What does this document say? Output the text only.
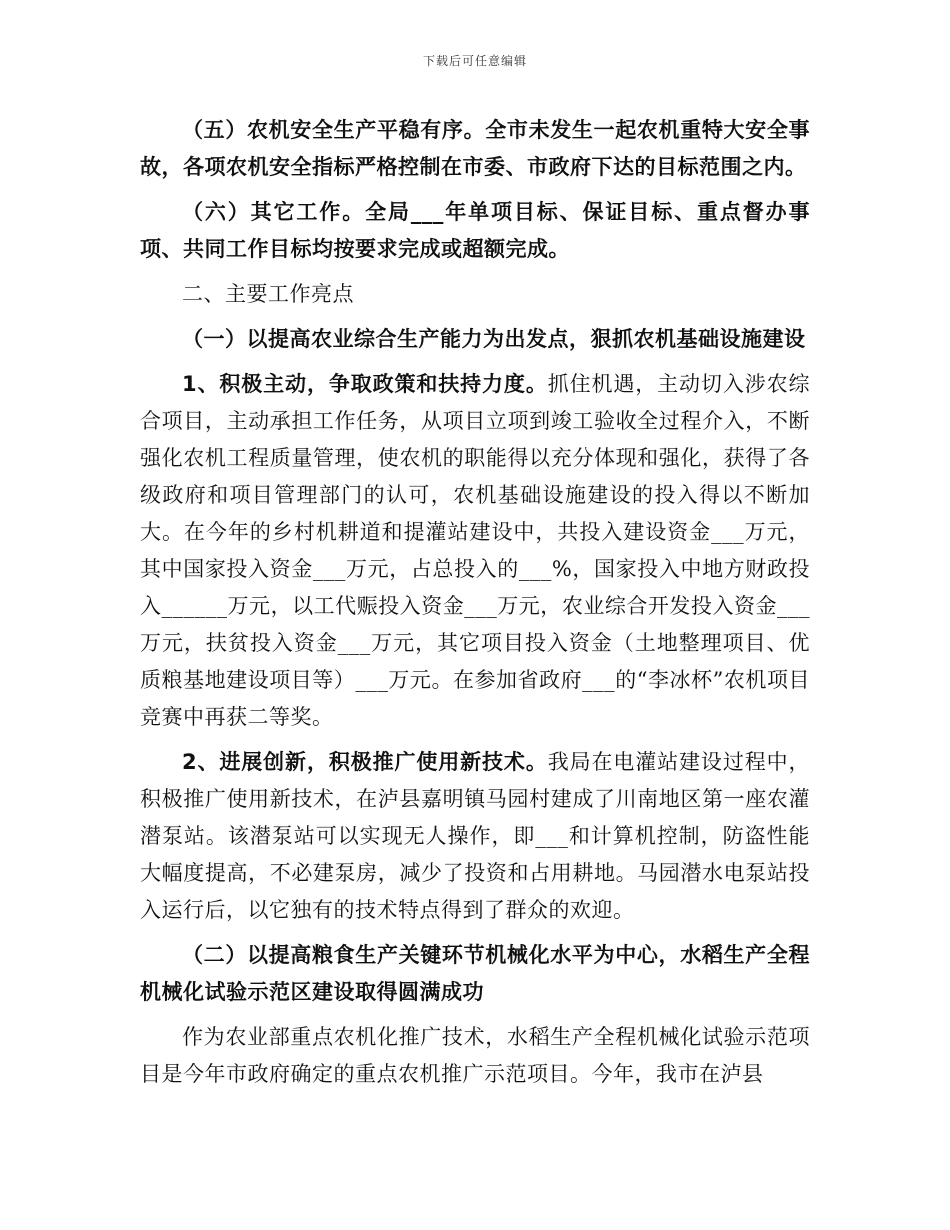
下载后可任意编辑

（五）农机安全生产平稳有序。全市未发生一起农机重特大安全事故，各项农机安全指标严格控制在市委、市政府下达的目标范围之内。

（六）其它工作。全局___年单项目标、保证目标、重点督办事项、共同工作目标均按要求完成或超额完成。

二、主要工作亮点

（一）以提高农业综合生产能力为出发点，狠抓农机基础设施建设

1、积极主动，争取政策和扶持力度。抓住机遇，主动切入涉农综合项目，主动承担工作任务，从项目立项到竣工验收全过程介入，不断强化农机工程质量管理，使农机的职能得以充分体现和强化，获得了各级政府和项目管理部门的认可，农机基础设施建设的投入得以不断加大。在今年的乡村机耕道和提灌站建设中，共投入建设资金___万元，其中国家投入资金___万元，占总投入的___%，国家投入中地方财政投入______万元，以工代赈投入资金___万元，农业综合开发投入资金___万元，扶贫投入资金___万元，其它项目投入资金（土地整理项目、优质粮基地建设项目等）___万元。在参加省政府___的“李冰杯”农机项目竞赛中再获二等奖。

2、进展创新，积极推广使用新技术。我局在电灌站建设过程中，积极推广使用新技术，在泸县嘉明镇马园村建成了川南地区第一座农灌潜泵站。该潜泵站可以实现无人操作，即___和计算机控制，防盗性能大幅度提高，不必建泵房，减少了投资和占用耕地。马园潜水电泵站投入运行后，以它独有的技术特点得到了群众的欢迎。

（二）以提高粮食生产关键环节机械化水平为中心，水稻生产全程机械化试验示范区建设取得圆满成功

作为农业部重点农机化推广技术，水稻生产全程机械化试验示范项目是今年市政府确定的重点农机推广示范项目。今年，我市在泸县
